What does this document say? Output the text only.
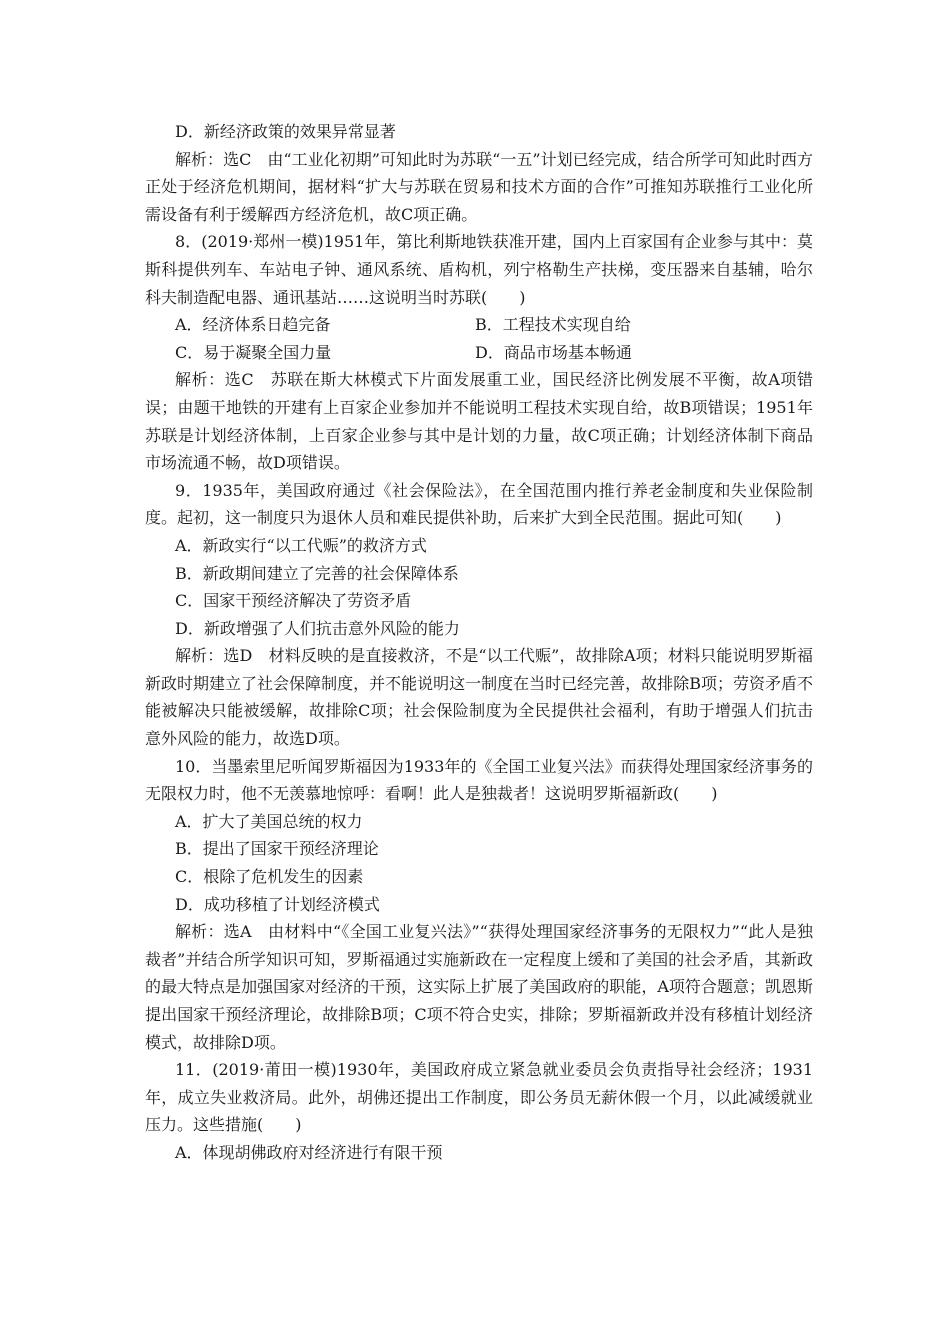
D．新经济政策的效果异常显著

解析：选C　由“工业化初期”可知此时为苏联“一五”计划已经完成，结合所学可知此时西方正处于经济危机期间，据材料“扩大与苏联在贸易和技术方面的合作”可推知苏联推行工业化所需设备有利于缓解西方经济危机，故C项正确。

8．(2019·郑州一模)1951年，第比利斯地铁获准开建，国内上百家国有企业参与其中：莫斯科提供列车、车站电子钟、通风系统、盾构机，列宁格勒生产扶梯，变压器来自基辅，哈尔科夫制造配电器、通讯基站……这说明当时苏联(　　)

A．经济体系日趋完备	B．工程技术实现自给
C．易于凝聚全国力量	D．商品市场基本畅通

解析：选C　苏联在斯大林模式下片面发展重工业，国民经济比例发展不平衡，故A项错误；由题干地铁的开建有上百家企业参加并不能说明工程技术实现自给，故B项错误；1951年苏联是计划经济体制，上百家企业参与其中是计划的力量，故C项正确；计划经济体制下商品市场流通不畅，故D项错误。

9．1935年，美国政府通过《社会保险法》，在全国范围内推行养老金制度和失业保险制度。起初，这一制度只为退休人员和难民提供补助，后来扩大到全民范围。据此可知(　　)

A．新政实行“以工代赈”的救济方式

B．新政期间建立了完善的社会保障体系

C．国家干预经济解决了劳资矛盾

D．新政增强了人们抗击意外风险的能力

解析：选D　材料反映的是直接救济，不是“以工代赈”，故排除A项；材料只能说明罗斯福新政时期建立了社会保障制度，并不能说明这一制度在当时已经完善，故排除B项；劳资矛盾不能被解决只能被缓解，故排除C项；社会保险制度为全民提供社会福利，有助于增强人们抗击意外风险的能力，故选D项。

10．当墨索里尼听闻罗斯福因为1933年的《全国工业复兴法》而获得处理国家经济事务的无限权力时，他不无羡慕地惊呼：看啊！此人是独裁者！这说明罗斯福新政(　　)

A．扩大了美国总统的权力

B．提出了国家干预经济理论

C．根除了危机发生的因素

D．成功移植了计划经济模式

解析：选A　由材料中“《全国工业复兴法》”“获得处理国家经济事务的无限权力”“此人是独裁者”并结合所学知识可知，罗斯福通过实施新政在一定程度上缓和了美国的社会矛盾，其新政的最大特点是加强国家对经济的干预，这实际上扩展了美国政府的职能，A项符合题意；凯恩斯提出国家干预经济理论，故排除B项；C项不符合史实，排除；罗斯福新政并没有移植计划经济模式，故排除D项。

11．(2019·莆田一模)1930年，美国政府成立紧急就业委员会负责指导社会经济；1931年，成立失业救济局。此外，胡佛还提出工作制度，即公务员无薪休假一个月，以此减缓就业压力。这些措施(　　)

A．体现胡佛政府对经济进行有限干预
